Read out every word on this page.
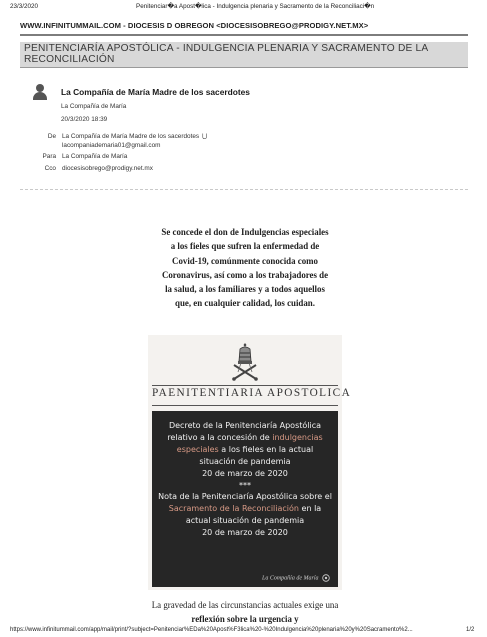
23/3/2020	Penitenciar�a Apost�lica - Indulgencia plenaria y Sacramento de la Reconciliaci�n
WWW.INFINITUMMAIL.COM - DIOCESIS D OBREGON <DIOCESISOBREGO@PRODIGY.NET.MX>
PENITENCIARÍA APOSTÓLICA - INDULGENCIA PLENARIA Y SACRAMENTO DE LA RECONCILIACIÓN
La Compañía de María Madre de los sacerdotes
La Compañía de María
20/3/2020 18:39
De La Compañía de María Madre de los sacerdotes ⋃
lacompaniademaria01@gmail.com
Para La Compañía de María
Cco diocesisobrego@prodigy.net.mx
Se concede el don de Indulgencias especiales a los fieles que sufren la enfermedad de Covid-19, comúnmente conocida como Coronavirus, así como a los trabajadores de la salud, a los familiares y a todos aquellos que, en cualquier calidad, los cuidan.
PAENITENTIARIA APOSTOLICA

Decreto de la Penitenciaría Apostólica relativo a la concesión de indulgencias especiales a los fieles en la actual situación de pandemia

20 de marzo de 2020

***

Nota de la Penitenciaría Apostólica sobre el Sacramento de la Reconciliación en la actual situación de pandemia

20 de marzo de 2020

La Compañía de María
La gravedad de las circunstancias actuales exige una reflexión sobre la urgencia y
https://www.infinitummail.com/app/mail/print/?subject=Penitenciar%EDa%20Apost%F3lica%20-%20Indulgencia%20plenaria%20y%20Sacramento%2...	1/2
